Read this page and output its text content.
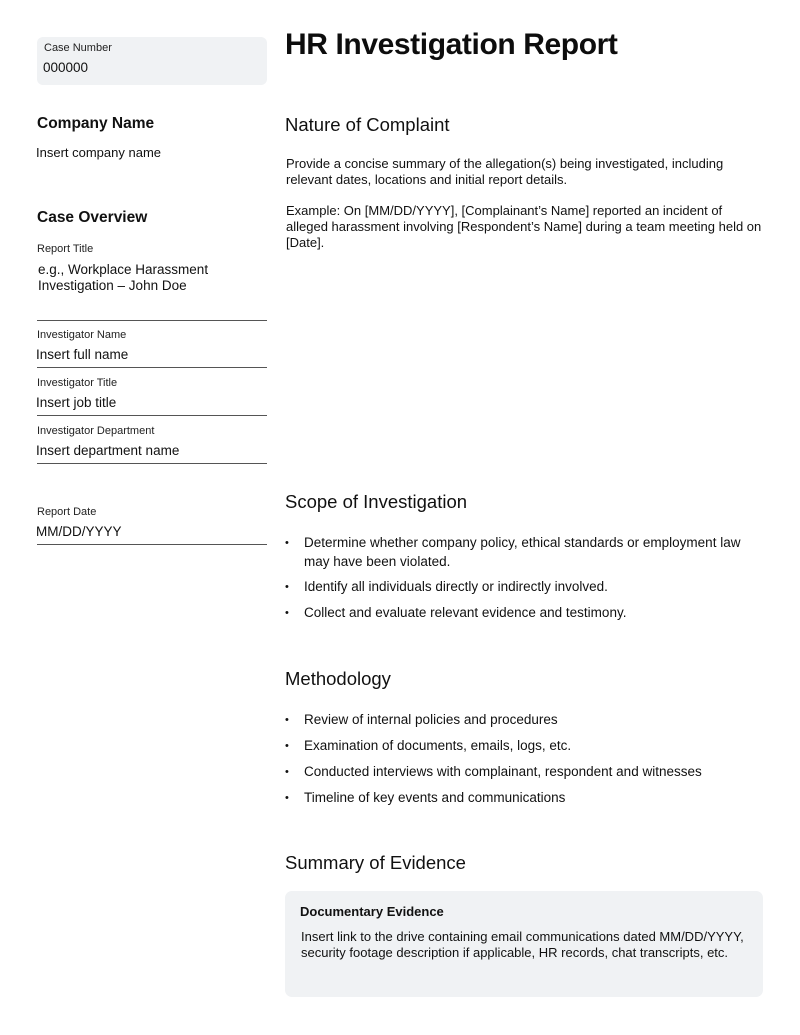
Case Number
000000
Company Name
Insert company name
Case Overview
Report Title
e.g., Workplace Harassment Investigation – John Doe
Investigator Name
Insert full name
Investigator Title
Insert job title
Investigator Department
Insert department name
Report Date
MM/DD/YYYY
HR Investigation Report
Nature of Complaint
Provide a concise summary of the allegation(s) being investigated, including relevant dates, locations and initial report details.
Example: On [MM/DD/YYYY], [Complainant’s Name] reported an incident of alleged harassment involving [Respondent’s Name] during a team meeting held on [Date].
Scope of Investigation
• Determine whether company policy, ethical standards or employment law may have been violated.
• Identify all individuals directly or indirectly involved.
• Collect and evaluate relevant evidence and testimony.
Methodology
• Review of internal policies and procedures
• Examination of documents, emails, logs, etc.
• Conducted interviews with complainant, respondent and witnesses
• Timeline of key events and communications
Summary of Evidence
Documentary Evidence
Insert link to the drive containing email communications dated MM/DD/YYYY, security footage description if applicable, HR records, chat transcripts, etc.
